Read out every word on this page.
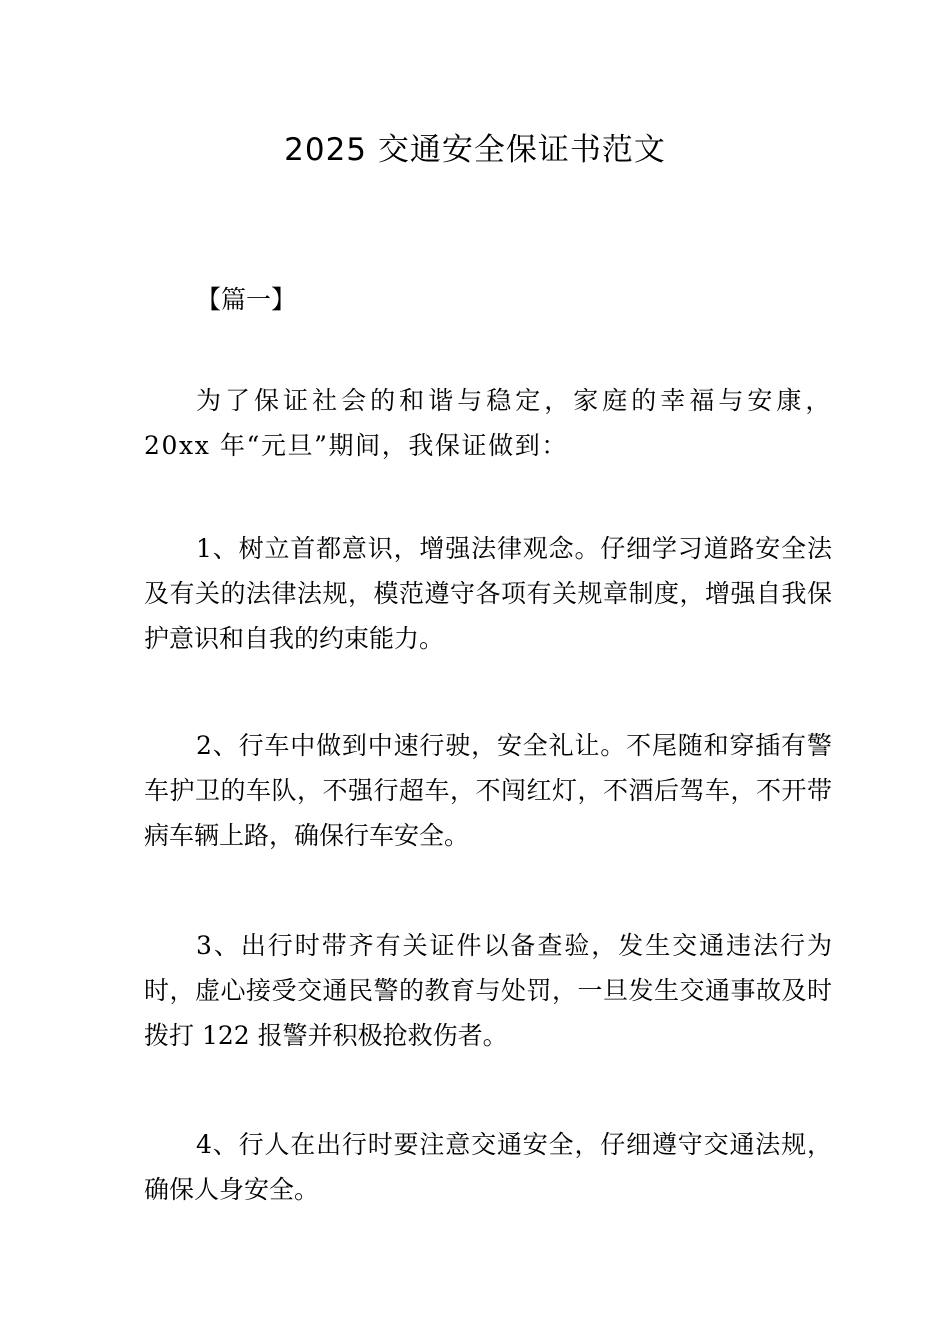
2025 交通安全保证书范文

【篇一】

为了保证社会的和谐与稳定，家庭的幸福与安康，20xx 年“元旦”期间，我保证做到：

1、树立首都意识，增强法律观念。仔细学习道路安全法及有关的法律法规，模范遵守各项有关规章制度，增强自我保护意识和自我的约束能力。

2、行车中做到中速行驶，安全礼让。不尾随和穿插有警车护卫的车队，不强行超车，不闯红灯，不酒后驾车，不开带病车辆上路，确保行车安全。

3、出行时带齐有关证件以备查验，发生交通违法行为时，虚心接受交通民警的教育与处罚，一旦发生交通事故及时拨打 122 报警并积极抢救伤者。

4、行人在出行时要注意交通安全，仔细遵守交通法规，确保人身安全。
